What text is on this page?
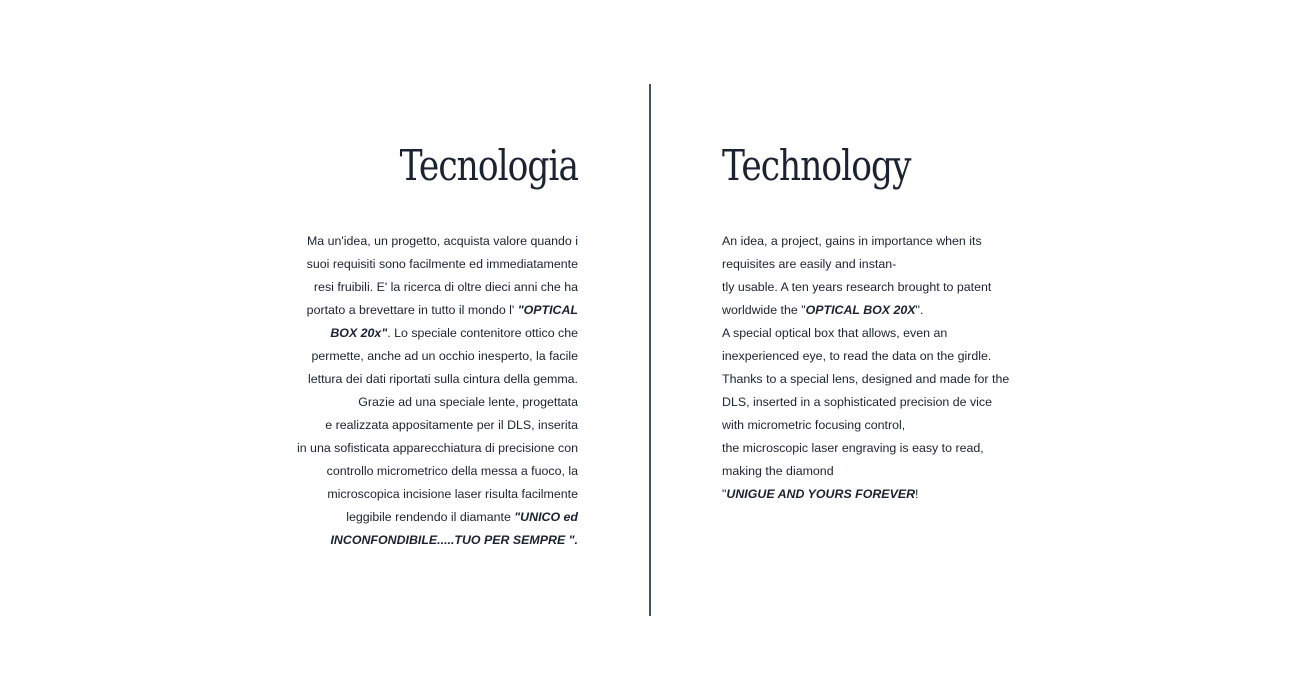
Tecnologia
Ma un'idea, un progetto, acquista valore quando i
suoi requisiti sono facilmente ed immediatamente
resi fruibili. E' la ricerca di oltre dieci anni che ha
portato a brevettare in tutto il mondo l' "OPTICAL
BOX 20x". Lo speciale contenitore ottico che
permette, anche ad un occhio inesperto, la facile
lettura dei dati riportati sulla cintura della gemma.
Grazie ad una speciale lente, progettata
e realizzata appositamente per il DLS, inserita
in una sofisticata apparecchiatura di precisione con
controllo micrometrico della messa a fuoco, la
microscopica incisione laser risulta facilmente
leggibile rendendo il diamante "UNICO ed
INCONFONDIBILE.....TUO PER SEMPRE ".
Technology
An idea, a project, gains in importance when its
requisites are easily and instan-
tly usable. A ten years research brought to patent
worldwide the "OPTICAL BOX 20X".
A special optical box that allows, even an
inexperienced eye, to read the data on the girdle.
Thanks to a special lens, designed and made for the
DLS, inserted in a sophisticated precision de vice
with micrometric focusing control,
the microscopic laser engraving is easy to read,
making the diamond
"UNIGUE AND YOURS FOREVER!
